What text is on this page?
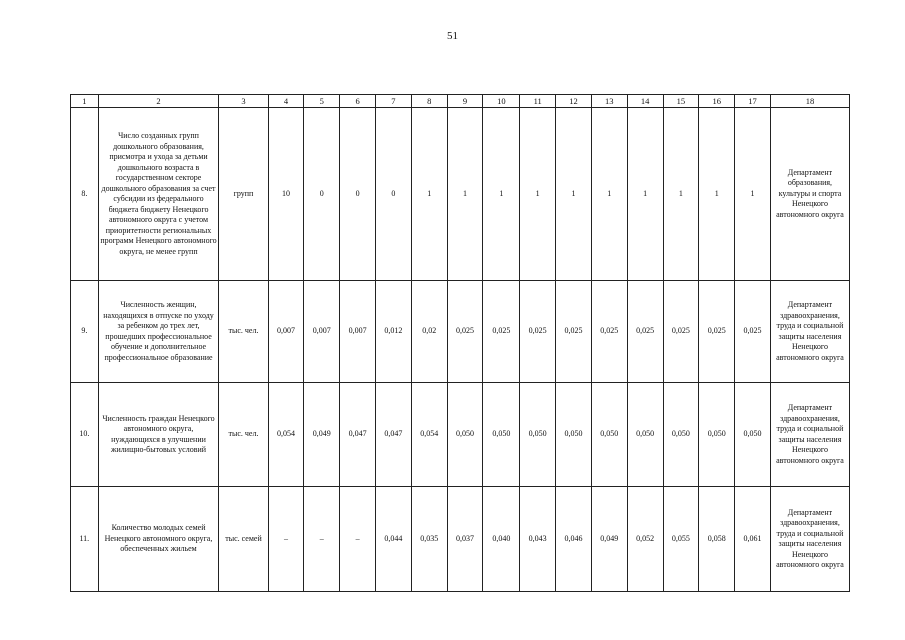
51
1	2	3	4	5	6	7	8	9	10	11	12	13	14	15	16	17	18
8.	Число созданных групп дошкольного образования, присмотра и ухода за детьми дошкольного возраста в государственном секторе дошкольного образования за счет субсидии из федерального бюджета бюджету Ненецкого автономного округа с учетом приоритетности региональных программ Ненецкого автономного округа, не менее групп	групп	10	0	0	0	1	1	1	1	1	1	1	1	1	1	Департамент образования, культуры и спорта Ненецкого автономного округа
9.	Численность женщин, находящихся в отпуске по уходу за ребенком до трех лет, прошедших профессиональное обучение и дополнительное профессиональное образование	тыс. чел.	0,007	0,007	0,007	0,012	0,02	0,025	0,025	0,025	0,025	0,025	0,025	0,025	0,025	0,025	Департамент здравоохранения, труда и социальной защиты населения Ненецкого автономного округа
10.	Численность граждан Ненецкого автономного округа, нуждающихся в улучшении жилищно-бытовых условий	тыс. чел.	0,054	0,049	0,047	0,047	0,054	0,050	0,050	0,050	0,050	0,050	0,050	0,050	0,050	0,050	Департамент здравоохранения, труда и социальной защиты населения Ненецкого автономного округа
11.	Количество молодых семей Ненецкого автономного округа, обеспеченных жильем	тыс. семей	–	–	–	0,044	0,035	0,037	0,040	0,043	0,046	0,049	0,052	0,055	0,058	0,061	Департамент здравоохранения, труда и социальной защиты населения Ненецкого автономного округа
